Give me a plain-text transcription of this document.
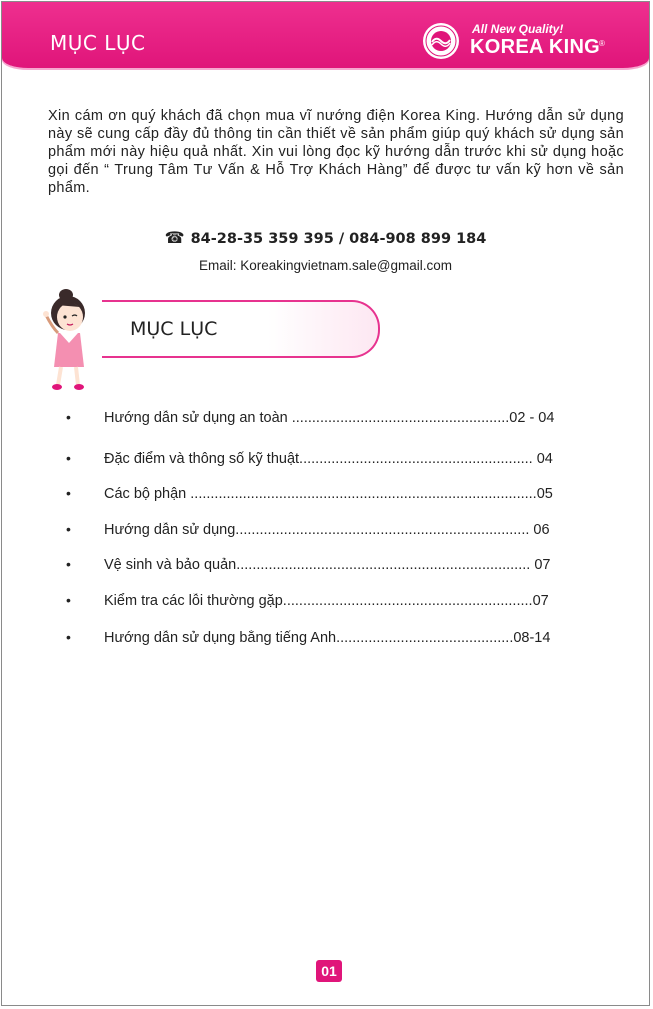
MỤC LỤC
All New Quality!
KOREA KING
®
Xin cám ơn quý khách đã chọn mua vĩ nướng điện Korea King. Hướng dẫn sử dụng này sẽ cung cấp đầy đủ thông tin cần thiết về sản phẩm giúp quý khách sử dụng sản phẩm mới này hiệu quả nhất. Xin vui lòng đọc kỹ hướng dẫn trước khi sử dụng hoặc gọi đến “ Trung Tâm Tư Vấn & Hỗ Trợ Khách Hàng” để được tư vấn kỹ hơn về sản phẩm.
☎ 84-28-35 359 395 / 084-908 899 184
Email: Koreakingvietnam.sale@gmail.com
MỤC LỤC
• Hướng dẫn sử dụng an toàn ......................................................02 - 04
• Đặc điểm và thông số kỹ thuật.......................................................... 04
• Các bộ phận ......................................................................................05
• Hướng dẫn sử dụng......................................................................... 06
• Vệ sinh và bảo quản......................................................................... 07
• Kiểm tra các lỗi thường gặp..............................................................07
• Hướng dẫn sử dụng bằng tiếng Anh............................................08-14
01
